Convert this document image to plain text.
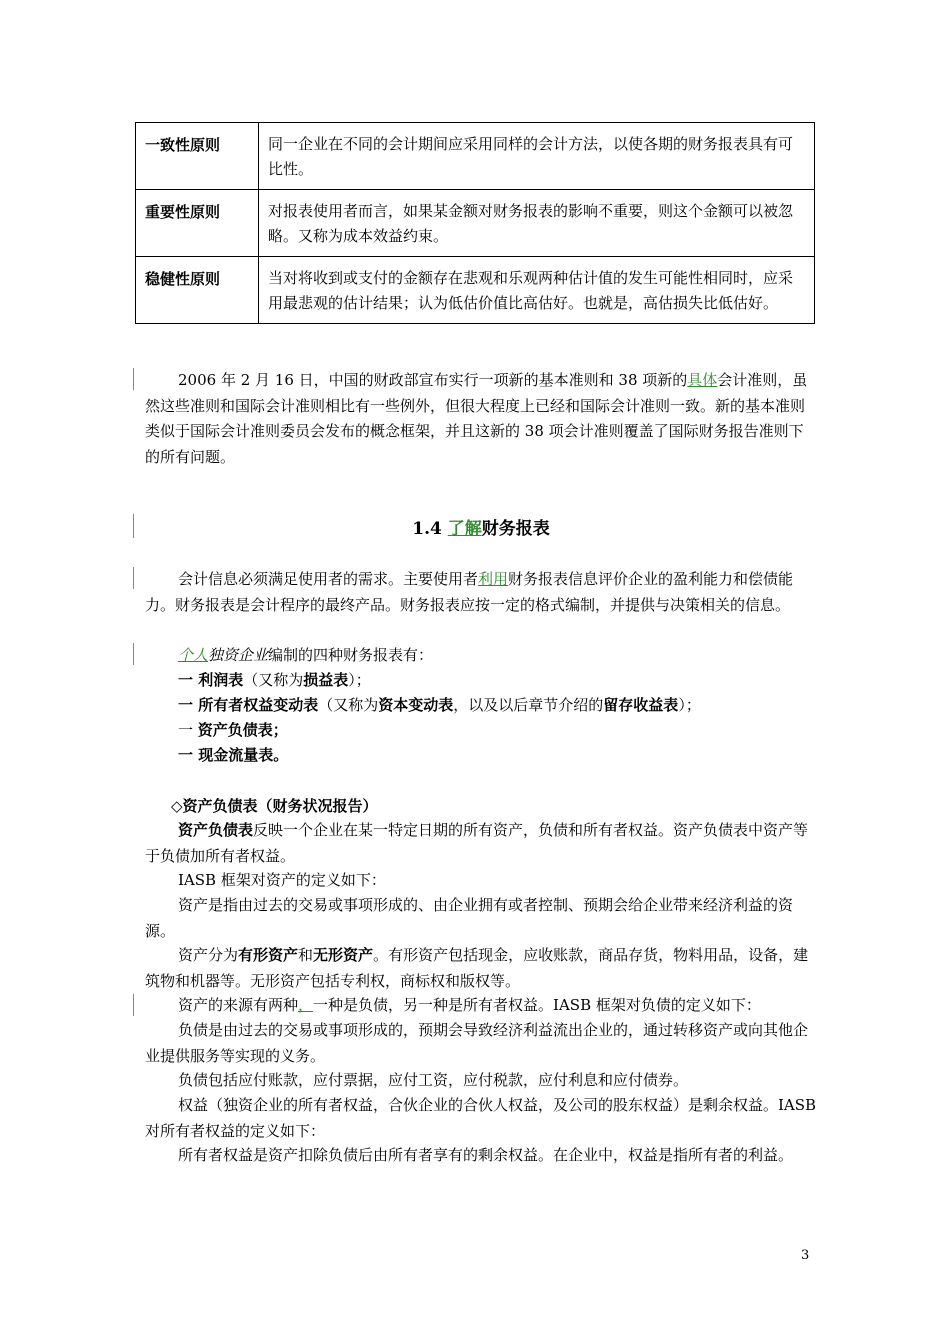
一致性原则	同一企业在不同的会计期间应采用同样的会计方法，以使各期的财务报表具有可比性。
重要性原则	对报表使用者而言，如果某金额对财务报表的影响不重要，则这个金额可以被忽略。又称为成本效益约束。
稳健性原则	当对将收到或支付的金额存在悲观和乐观两种估计值的发生可能性相同时，应采用最悲观的估计结果；认为低估价值比高估好。也就是，高估损失比低估好。

2006 年 2 月 16 日，中国的财政部宣布实行一项新的基本准则和 38 项新的具体会计准则，虽然这些准则和国际会计准则相比有一些例外，但很大程度上已经和国际会计准则一致。新的基本准则类似于国际会计准则委员会发布的概念框架，并且这新的 38 项会计准则覆盖了国际财务报告准则下的所有问题。

1.4 了解财务报表

会计信息必须满足使用者的需求。主要使用者利用财务报表信息评价企业的盈利能力和偿债能力。财务报表是会计程序的最终产品。财务报表应按一定的格式编制，并提供与决策相关的信息。

个人独资企业编制的四种财务报表有：

一 利润表（又称为损益表）；

一 所有者权益变动表（又称为资本变动表，以及以后章节介绍的留存收益表）；

一 资产负债表；

一 现金流量表。

◇资产负债表（财务状况报告）

资产负债表反映一个企业在某一特定日期的所有资产，负债和所有者权益。资产负债表中资产等于负债加所有者权益。

IASB 框架对资产的定义如下：

资产是指由过去的交易或事项形成的、由企业拥有或者控制、预期会给企业带来经济利益的资源。

资产分为有形资产和无形资产。有形资产包括现金，应收账款，商品存货，物料用品，设备，建筑物和机器等。无形资产包括专利权，商标权和版权等。

资产的来源有两种，一种是负债，另一种是所有者权益。IASB 框架对负债的定义如下：

负债是由过去的交易或事项形成的，预期会导致经济利益流出企业的，通过转移资产或向其他企业提供服务等实现的义务。

负债包括应付账款，应付票据，应付工资，应付税款，应付利息和应付债券。

权益（独资企业的所有者权益，合伙企业的合伙人权益，及公司的股东权益）是剩余权益。IASB 对所有者权益的定义如下：

所有者权益是资产扣除负债后由所有者享有的剩余权益。在企业中，权益是指所有者的利益。

3
